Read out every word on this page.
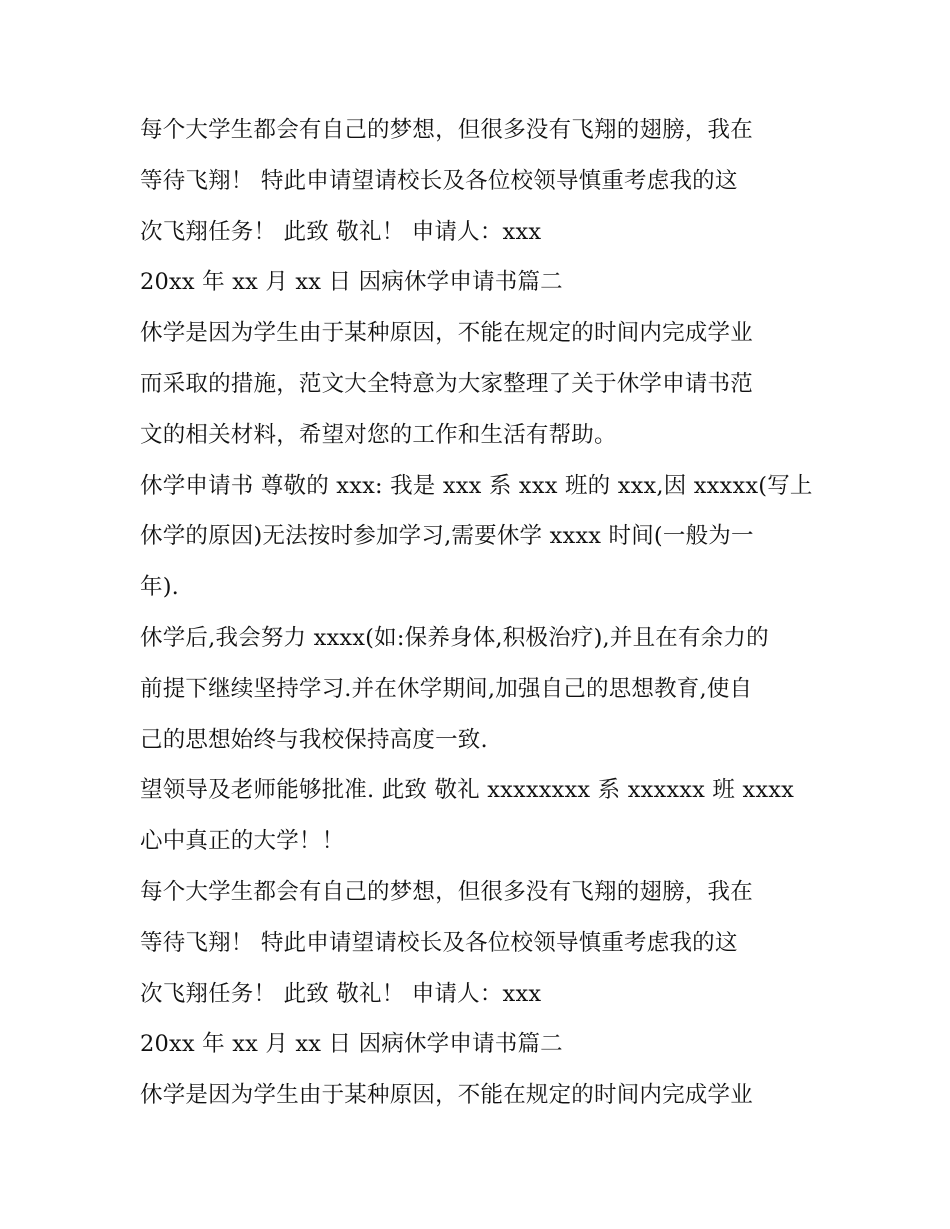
每个大学生都会有自己的梦想，但很多没有飞翔的翅膀，我在
等待飞翔！ 特此申请望请校长及各位校领导慎重考虑我的这
次飞翔任务！ 此致 敬礼！ 申请人：xxx
20xx 年 xx 月 xx 日 因病休学申请书篇二
休学是因为学生由于某种原因，不能在规定的时间内完成学业
而采取的措施，范文大全特意为大家整理了关于休学申请书范
文的相关材料，希望对您的工作和生活有帮助。
休学申请书 尊敬的 xxx: 我是 xxx 系 xxx 班的 xxx,因 xxxxx(写上
休学的原因)无法按时参加学习,需要休学 xxxx 时间(一般为一
年).
休学后,我会努力 xxxx(如:保养身体,积极治疗),并且在有余力的
前提下继续坚持学习.并在休学期间,加强自己的思想教育,使自
己的思想始终与我校保持高度一致.
望领导及老师能够批准. 此致 敬礼 xxxxxxxx 系 xxxxxx 班 xxxx
心中真正的大学！！
每个大学生都会有自己的梦想，但很多没有飞翔的翅膀，我在
等待飞翔！ 特此申请望请校长及各位校领导慎重考虑我的这
次飞翔任务！ 此致 敬礼！ 申请人：xxx
20xx 年 xx 月 xx 日 因病休学申请书篇二
休学是因为学生由于某种原因，不能在规定的时间内完成学业
